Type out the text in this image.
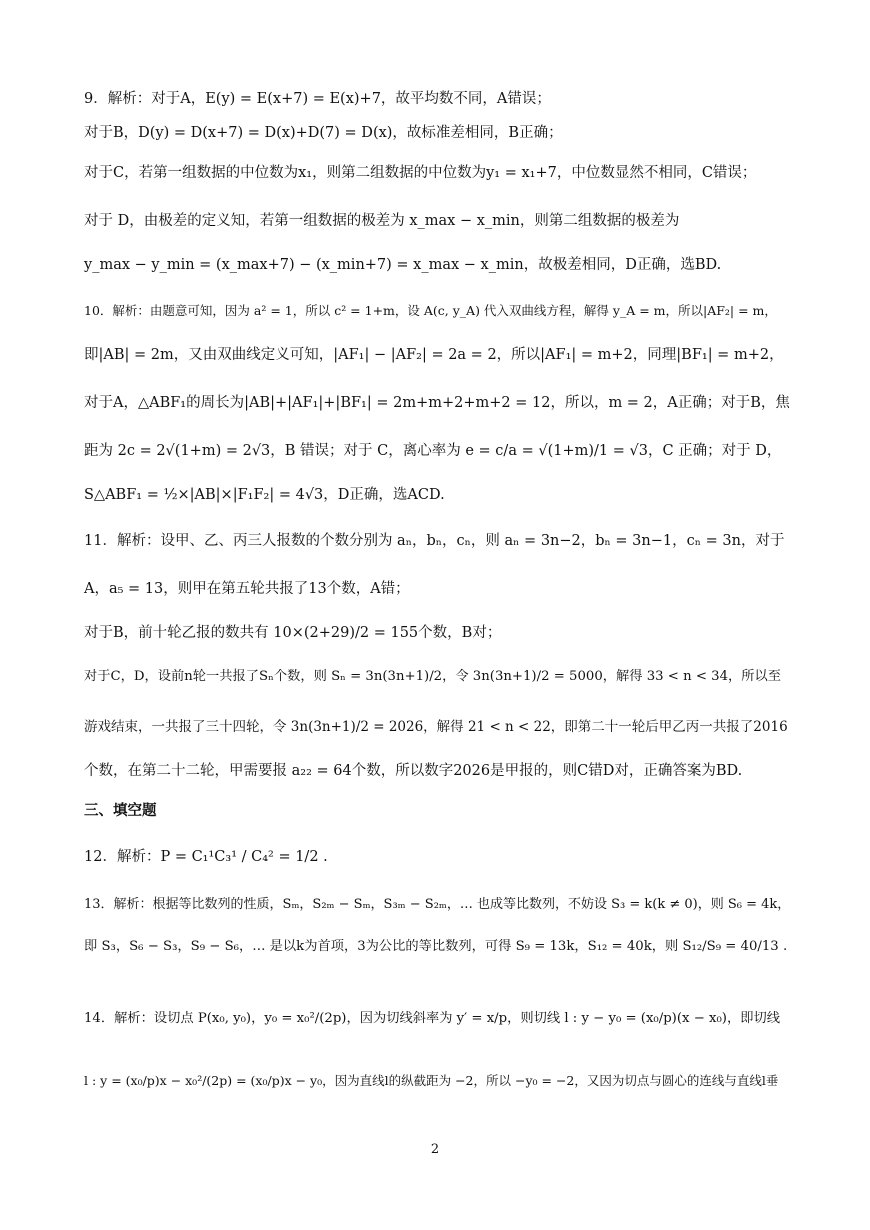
9．解析：对于A，E(y) = E(x+7) = E(x)+7，故平均数不同，A错误；
对于B，D(y) = D(x+7) = D(x)+D(7) = D(x)，故标准差相同，B正确；
对于C，若第一组数据的中位数为x₁，则第二组数据的中位数为y₁ = x₁+7，中位数显然不相同，C错误；
对于 D，由极差的定义知，若第一组数据的极差为 x_max − x_min，则第二组数据的极差为
y_max − y_min = (x_max+7) − (x_min+7) = x_max − x_min，故极差相同，D正确，选BD.
10．解析：由题意可知，因为 a² = 1，所以 c² = 1+m，设 A(c, y_A) 代入双曲线方程，解得 y_A = m，所以|AF₂| = m，
即|AB| = 2m，又由双曲线定义可知，|AF₁| − |AF₂| = 2a = 2，所以|AF₁| = m+2，同理|BF₁| = m+2，
对于A，△ABF₁的周长为|AB|+|AF₁|+|BF₁| = 2m+m+2+m+2 = 12，所以，m = 2，A正确；对于B，焦
距为 2c = 2√(1+m) = 2√3，B 错误；对于 C，离心率为 e = c/a = √(1+m)/1 = √3，C 正确；对于 D，
S△ABF₁ = ½×|AB|×|F₁F₂| = 4√3，D正确，选ACD.
11．解析：设甲、乙、丙三人报数的个数分别为 aₙ，bₙ，cₙ，则 aₙ = 3n−2，bₙ = 3n−1，cₙ = 3n，对于
A，a₅ = 13，则甲在第五轮共报了13个数，A错；
对于B，前十轮乙报的数共有 10×(2+29)/2 = 155个数，B对；
对于C，D，设前n轮一共报了Sₙ个数，则 Sₙ = 3n(3n+1)/2，令 3n(3n+1)/2 = 5000，解得 33 < n < 34，所以至
游戏结束，一共报了三十四轮，令 3n(3n+1)/2 = 2026，解得 21 < n < 22，即第二十一轮后甲乙丙一共报了2016
个数，在第二十二轮，甲需要报 a₂₂ = 64个数，所以数字2026是甲报的，则C错D对，正确答案为BD.
三、填空题
12．解析：P = C₁¹C₃¹ / C₄² = 1/2 .
13．解析：根据等比数列的性质，Sₘ，S₂ₘ − Sₘ，S₃ₘ − S₂ₘ，… 也成等比数列，不妨设 S₃ = k(k ≠ 0)，则 S₆ = 4k，
即 S₃，S₆ − S₃，S₉ − S₆，… 是以k为首项，3为公比的等比数列，可得 S₉ = 13k，S₁₂ = 40k，则 S₁₂/S₉ = 40/13 .
14．解析：设切点 P(x₀, y₀)，y₀ = x₀²/(2p)，因为切线斜率为 y′ = x/p，则切线 l : y − y₀ = (x₀/p)(x − x₀)，即切线
l : y = (x₀/p)x − x₀²/(2p) = (x₀/p)x − y₀，因为直线l的纵截距为 −2，所以 −y₀ = −2，又因为切点与圆心的连线与直线l垂
2
